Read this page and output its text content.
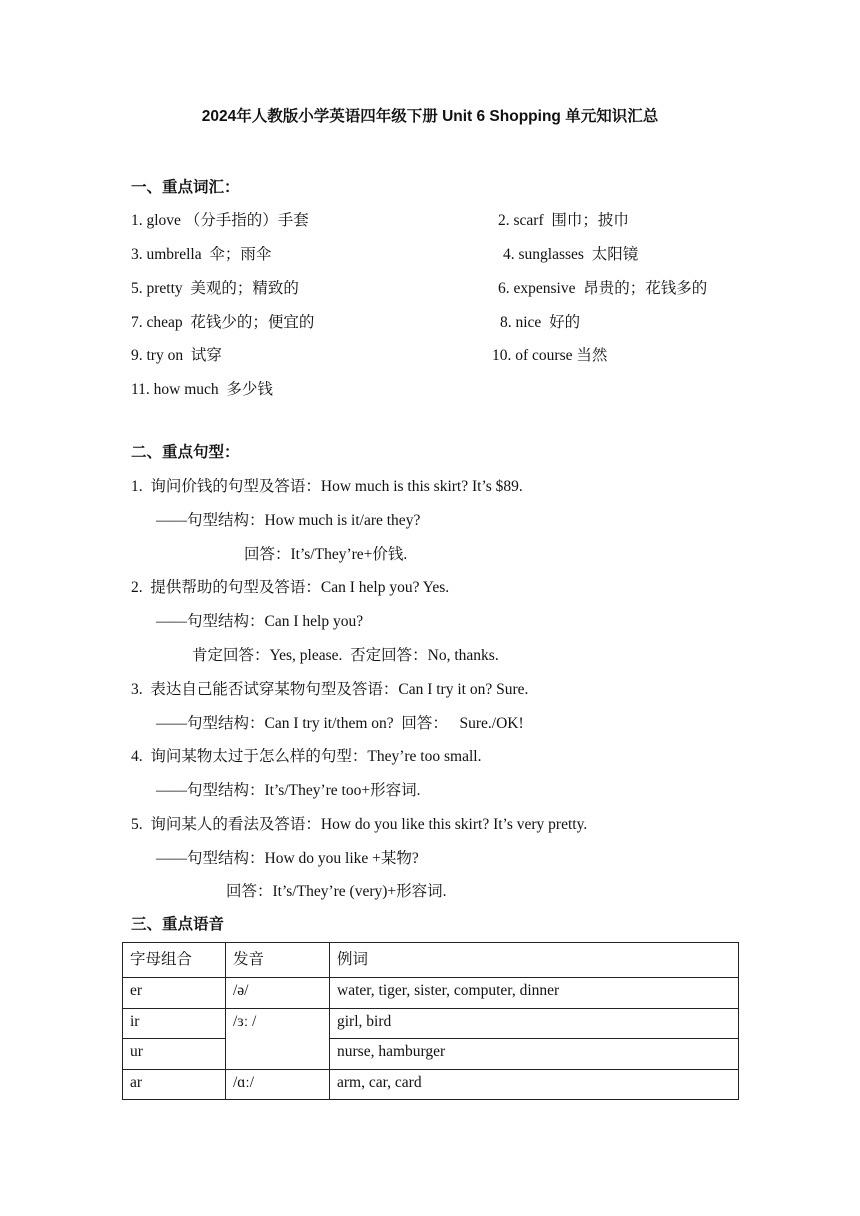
2024年人教版小学英语四年级下册 Unit 6 Shopping 单元知识汇总
一、重点词汇：
1. glove （分手指的）手套	2. scarf  围巾；披巾
3. umbrella  伞；雨伞	4. sunglasses  太阳镜
5. pretty  美观的；精致的	6. expensive  昂贵的；花钱多的
7. cheap  花钱少的；便宜的	8. nice  好的
9. try on  试穿	10. of course 当然
11. how much  多少钱
二、重点句型：
1.  询问价钱的句型及答语：How much is this skirt? It’s $89.
——句型结构：How much is it/are they?
回答：It’s/They’re+价钱.
2.  提供帮助的句型及答语：Can I help you? Yes.
——句型结构：Can I help you?
肯定回答：Yes, please.  否定回答：No, thanks.
3.  表达自己能否试穿某物句型及答语：Can I try it on? Sure.
——句型结构：Can I try it/them on?  回答：   Sure./OK!
4.  询问某物太过于怎么样的句型：They’re too small.
——句型结构：It’s/They’re too+形容词.
5.  询问某人的看法及答语：How do you like this skirt? It’s very pretty.
——句型结构：How do you like +某物?
回答：It’s/They’re (very)+形容词.
三、重点语音
字母组合	发音	例词
er	/ə/	water, tiger, sister, computer, dinner
ir	/ɜː /	girl, bird
ur		nurse, hamburger
ar	/ɑː/	arm, car, card
